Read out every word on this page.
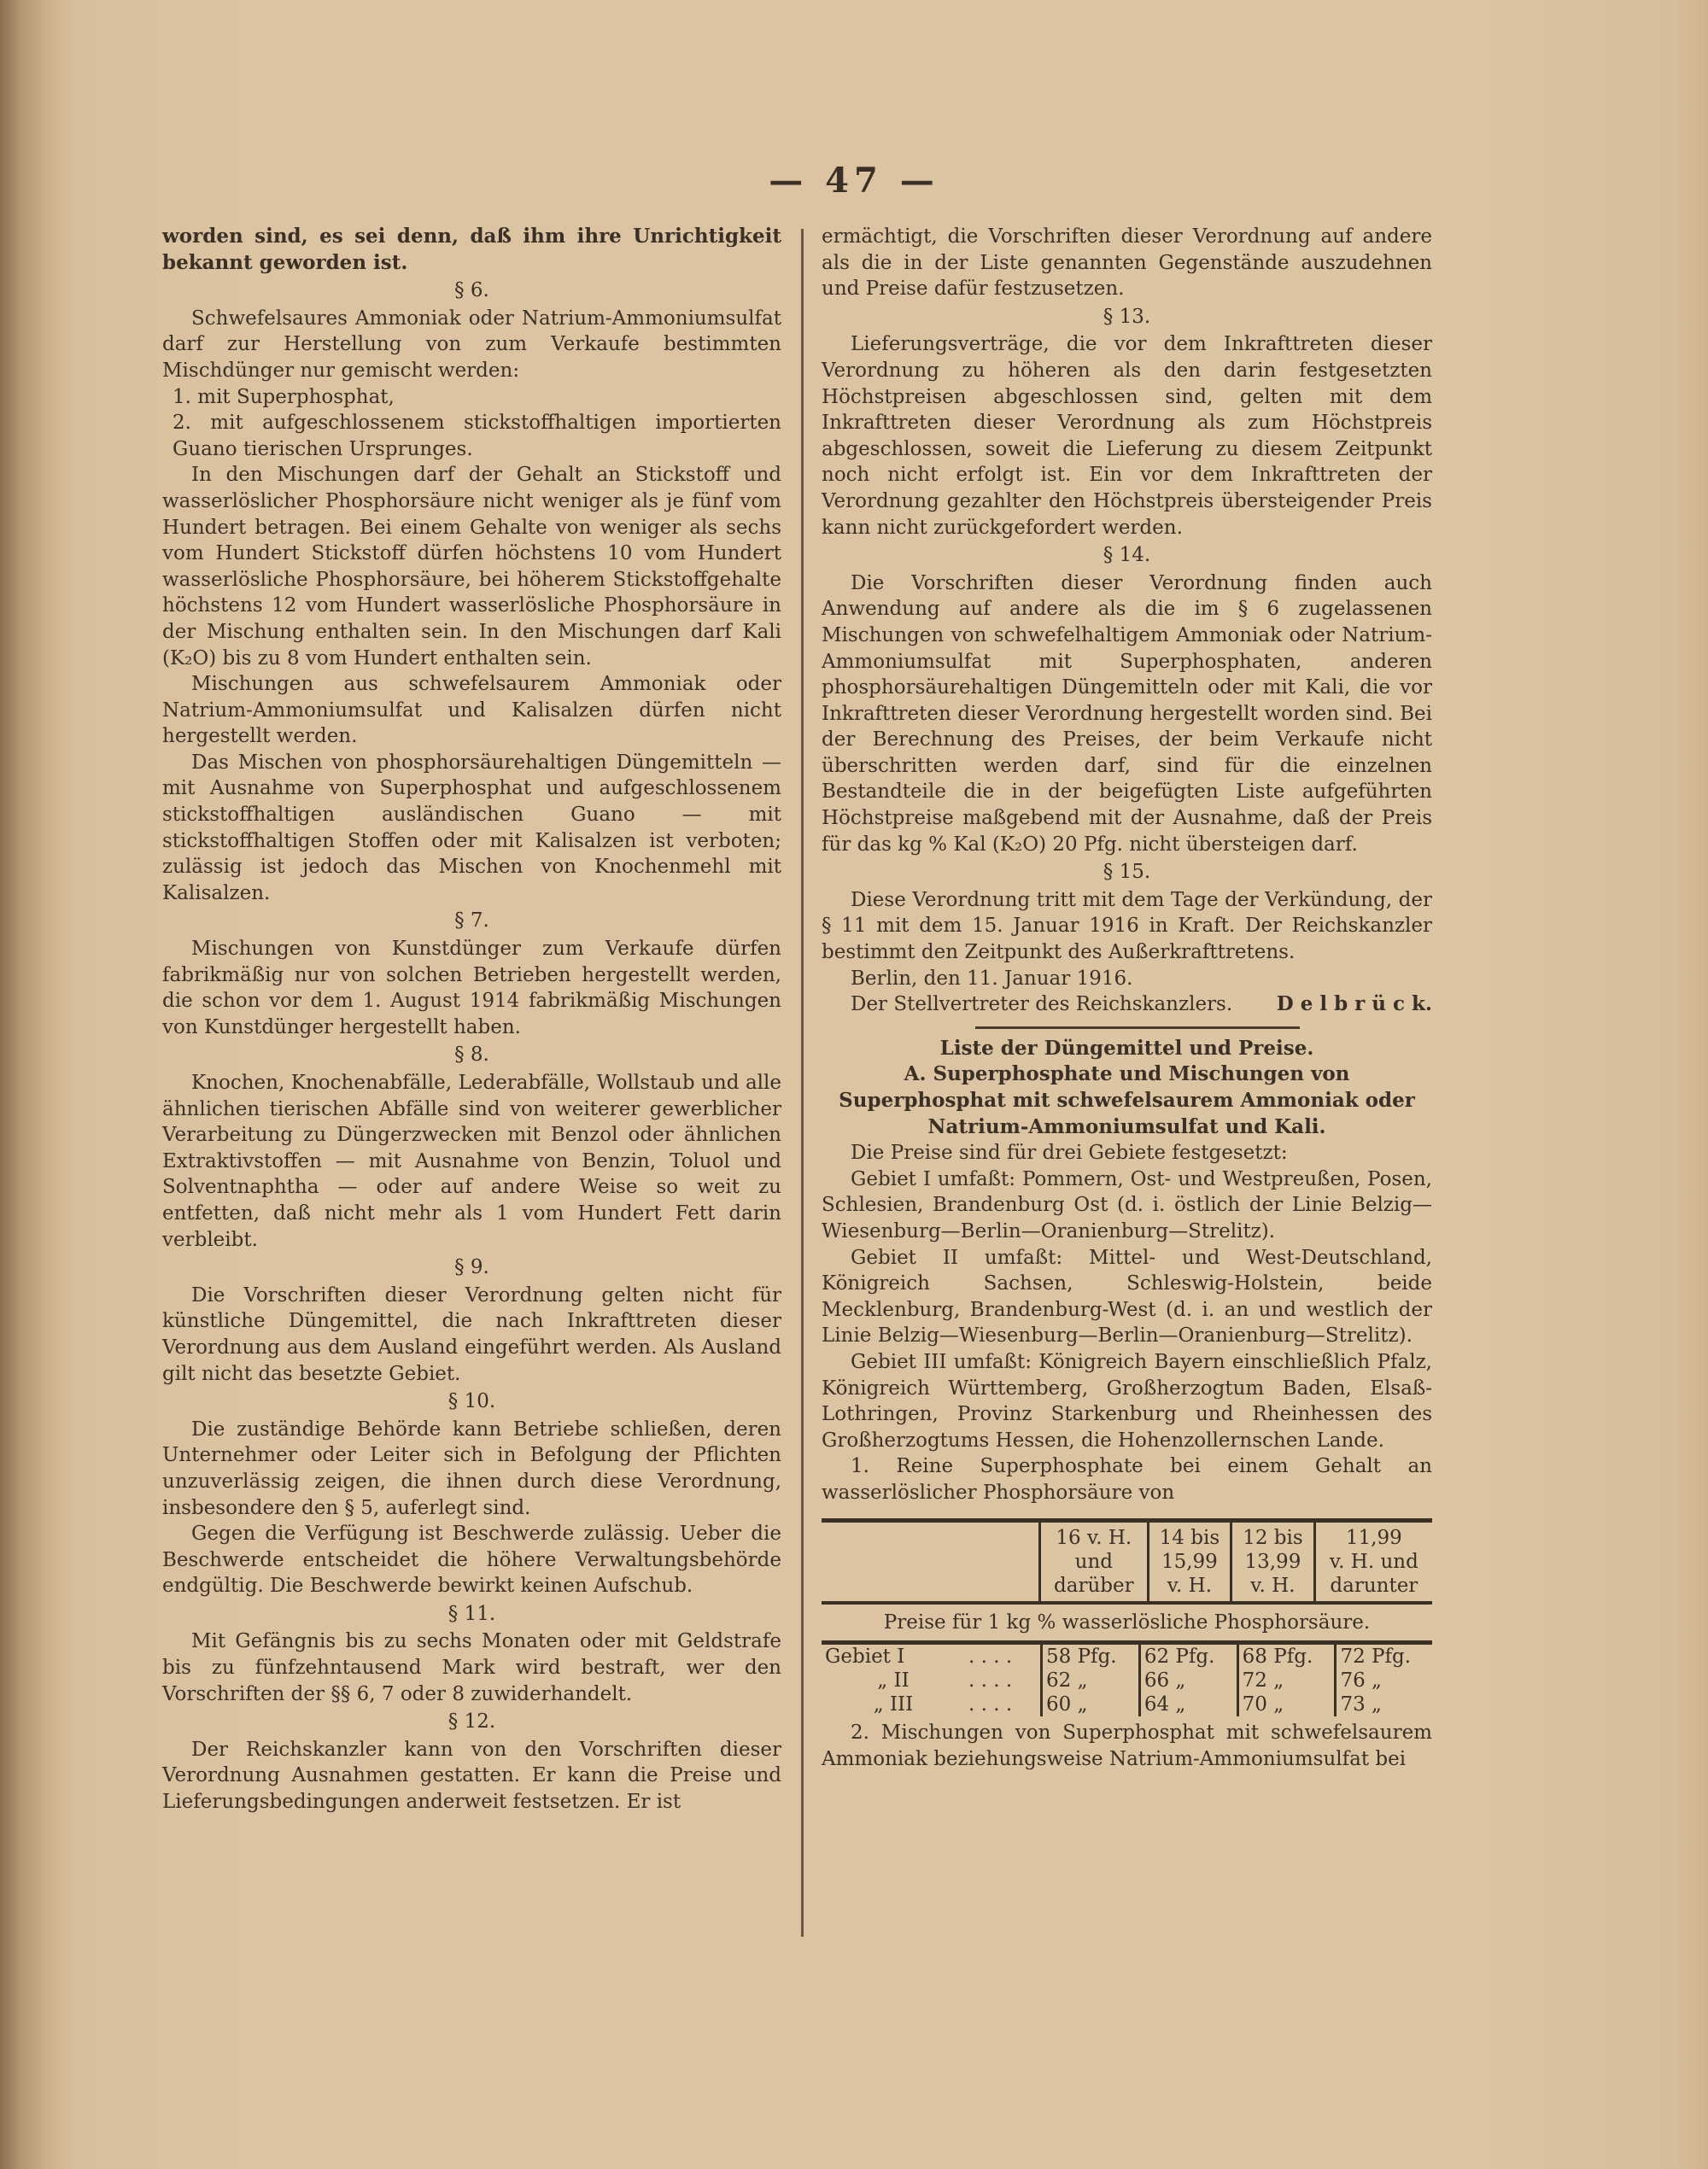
— 47 —

worden sind, es sei denn, daß ihm ihre Unrichtigkeit bekannt geworden ist.

§ 6.

Schwefelsaures Ammoniak oder Natrium-Ammoniumsulfat darf zur Herstellung von zum Verkaufe bestimmten Mischdünger nur gemischt werden:

1. mit Superphosphat,

2. mit aufgeschlossenem stickstoffhaltigen importierten Guano tierischen Ursprunges.

In den Mischungen darf der Gehalt an Stickstoff und wasserlöslicher Phosphorsäure nicht weniger als je fünf vom Hundert betragen. Bei einem Gehalte von weniger als sechs vom Hundert Stickstoff dürfen höchstens 10 vom Hundert wasserlösliche Phosphorsäure, bei höherem Stickstoffgehalte höchstens 12 vom Hundert wasserlösliche Phosphorsäure in der Mischung enthalten sein. In den Mischungen darf Kali (K₂O) bis zu 8 vom Hundert enthalten sein.

Mischungen aus schwefelsaurem Ammoniak oder Natrium-Ammoniumsulfat und Kalisalzen dürfen nicht hergestellt werden.

Das Mischen von phosphorsäurehaltigen Düngemitteln — mit Ausnahme von Superphosphat und aufgeschlossenem stickstoffhaltigen ausländischen Guano — mit stickstoffhaltigen Stoffen oder mit Kalisalzen ist verboten; zulässig ist jedoch das Mischen von Knochenmehl mit Kalisalzen.

§ 7.

Mischungen von Kunstdünger zum Verkaufe dürfen fabrikmäßig nur von solchen Betrieben hergestellt werden, die schon vor dem 1. August 1914 fabrikmäßig Mischungen von Kunstdünger hergestellt haben.

§ 8.

Knochen, Knochenabfälle, Lederabfälle, Wollstaub und alle ähnlichen tierischen Abfälle sind von weiterer gewerblicher Verarbeitung zu Düngerzwecken mit Benzol oder ähnlichen Extraktivstoffen — mit Ausnahme von Benzin, Toluol und Solventnaphtha — oder auf andere Weise so weit zu entfetten, daß nicht mehr als 1 vom Hundert Fett darin verbleibt.

§ 9.

Die Vorschriften dieser Verordnung gelten nicht für künstliche Düngemittel, die nach Inkrafttreten dieser Verordnung aus dem Ausland eingeführt werden. Als Ausland gilt nicht das besetzte Gebiet.

§ 10.

Die zuständige Behörde kann Betriebe schließen, deren Unternehmer oder Leiter sich in Befolgung der Pflichten unzuverlässig zeigen, die ihnen durch diese Verordnung, insbesondere den § 5, auferlegt sind.

Gegen die Verfügung ist Beschwerde zulässig. Ueber die Beschwerde entscheidet die höhere Verwaltungsbehörde endgültig. Die Beschwerde bewirkt keinen Aufschub.

§ 11.

Mit Gefängnis bis zu sechs Monaten oder mit Geldstrafe bis zu fünfzehntausend Mark wird bestraft, wer den Vorschriften der §§ 6, 7 oder 8 zuwiderhandelt.

§ 12.

Der Reichskanzler kann von den Vorschriften dieser Verordnung Ausnahmen gestatten. Er kann die Preise und Lieferungsbedingungen anderweit festsetzen. Er ist

ermächtigt, die Vorschriften dieser Verordnung auf andere als die in der Liste genannten Gegenstände auszudehnen und Preise dafür festzusetzen.

§ 13.

Lieferungsverträge, die vor dem Inkrafttreten dieser Verordnung zu höheren als den darin festgesetzten Höchstpreisen abgeschlossen sind, gelten mit dem Inkrafttreten dieser Verordnung als zum Höchstpreis abgeschlossen, soweit die Lieferung zu diesem Zeitpunkt noch nicht erfolgt ist. Ein vor dem Inkrafttreten der Verordnung gezahlter den Höchstpreis übersteigender Preis kann nicht zurückgefordert werden.

§ 14.

Die Vorschriften dieser Verordnung finden auch Anwendung auf andere als die im § 6 zugelassenen Mischungen von schwefelhaltigem Ammoniak oder Natrium-Ammoniumsulfat mit Superphosphaten, anderen phosphorsäurehaltigen Düngemitteln oder mit Kali, die vor Inkrafttreten dieser Verordnung hergestellt worden sind. Bei der Berechnung des Preises, der beim Verkaufe nicht überschritten werden darf, sind für die einzelnen Bestandteile die in der beigefügten Liste aufgeführten Höchstpreise maßgebend mit der Ausnahme, daß der Preis für das kg % Kal (K₂O) 20 Pfg. nicht übersteigen darf.

§ 15.

Diese Verordnung tritt mit dem Tage der Verkündung, der § 11 mit dem 15. Januar 1916 in Kraft. Der Reichskanzler bestimmt den Zeitpunkt des Außerkrafttretens.

Berlin, den 11. Januar 1916.

Der Stellvertreter des Reichskanzlers. D e l b r ü c k.

Liste der Düngemittel und Preise.

A. Superphosphate und Mischungen von Superphosphat mit schwefelsaurem Ammoniak oder Natrium-Ammoniumsulfat und Kali.

Die Preise sind für drei Gebiete festgesetzt:

Gebiet I umfaßt: Pommern, Ost- und Westpreußen, Posen, Schlesien, Brandenburg Ost (d. i. östlich der Linie Belzig—Wiesenburg—Berlin—Oranienburg—Strelitz).

Gebiet II umfaßt: Mittel- und West-Deutschland, Königreich Sachsen, Schleswig-Holstein, beide Mecklenburg, Brandenburg-West (d. i. an und westlich der Linie Belzig—Wiesenburg—Berlin—Oranienburg—Strelitz).

Gebiet III umfaßt: Königreich Bayern einschließlich Pfalz, Königreich Württemberg, Großherzogtum Baden, Elsaß-Lothringen, Provinz Starkenburg und Rheinhessen des Großherzogtums Hessen, die Hohenzollernschen Lande.

1. Reine Superphosphate bei einem Gehalt an wasserlöslicher Phosphorsäure von

	16 v. H.
und
darüber	14 bis
15,99
v. H.	12 bis
13,99
v. H.	11,99
v. H. und
darunter
Preise für 1 kg % wasserlösliche Phosphorsäure.
Gebiet I	. . . .	58 Pfg.	62 Pfg.	68 Pfg.	72 Pfg.
„ II	. . . .	62 „	66 „	72 „	76 „
„ III	. . . .	60 „	64 „	70 „	73 „

2. Mischungen von Superphosphat mit schwefelsaurem Ammoniak beziehungsweise Natrium-Ammoniumsulfat bei
